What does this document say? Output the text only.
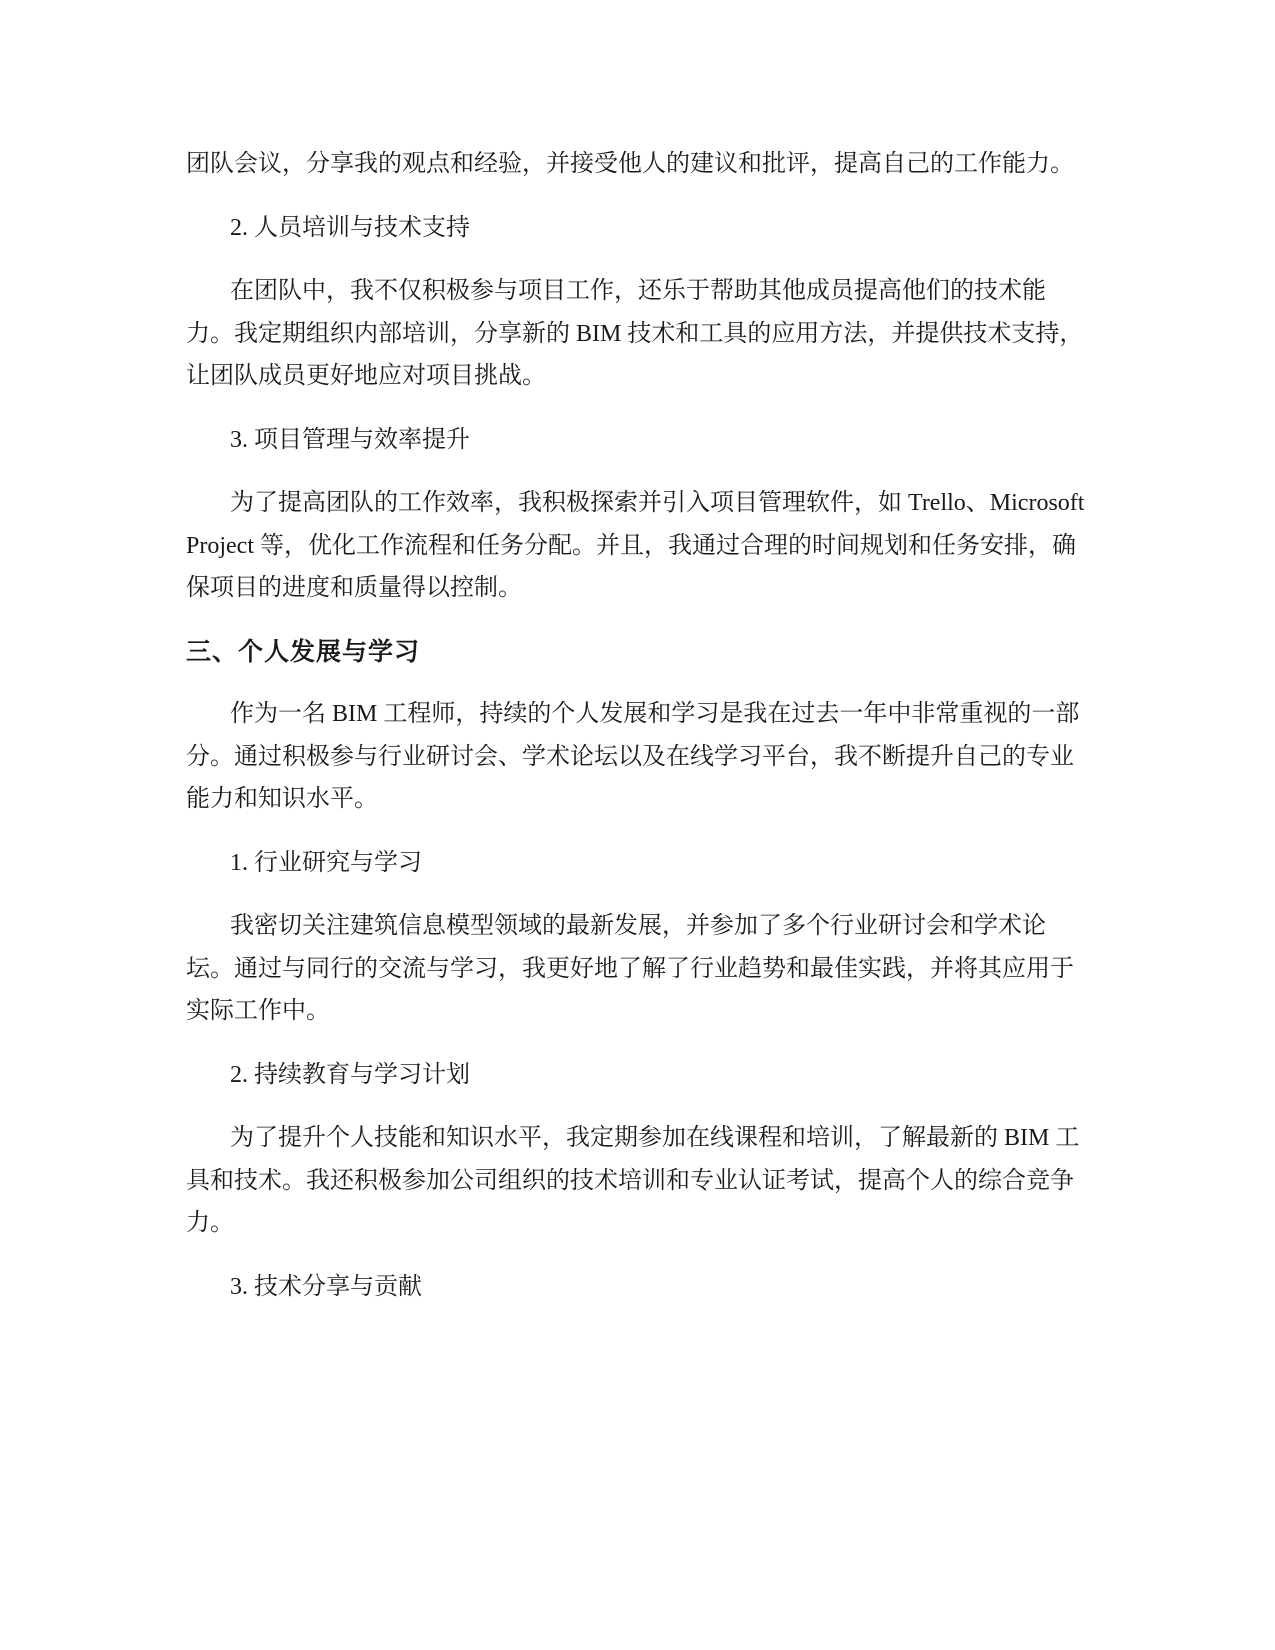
团队会议，分享我的观点和经验，并接受他人的建议和批评，提高自己的工作能力。

2. 人员培训与技术支持

在团队中，我不仅积极参与项目工作，还乐于帮助其他成员提高他们的技术能力。我定期组织内部培训，分享新的 BIM 技术和工具的应用方法，并提供技术支持，让团队成员更好地应对项目挑战。

3. 项目管理与效率提升

为了提高团队的工作效率，我积极探索并引入项目管理软件，如 Trello、Microsoft Project 等，优化工作流程和任务分配。并且，我通过合理的时间规划和任务安排，确保项目的进度和质量得以控制。

三、个人发展与学习

作为一名 BIM 工程师，持续的个人发展和学习是我在过去一年中非常重视的一部分。通过积极参与行业研讨会、学术论坛以及在线学习平台，我不断提升自己的专业能力和知识水平。

1. 行业研究与学习

我密切关注建筑信息模型领域的最新发展，并参加了多个行业研讨会和学术论坛。通过与同行的交流与学习，我更好地了解了行业趋势和最佳实践，并将其应用于实际工作中。

2. 持续教育与学习计划

为了提升个人技能和知识水平，我定期参加在线课程和培训，了解最新的 BIM 工具和技术。我还积极参加公司组织的技术培训和专业认证考试，提高个人的综合竞争力。

3. 技术分享与贡献
